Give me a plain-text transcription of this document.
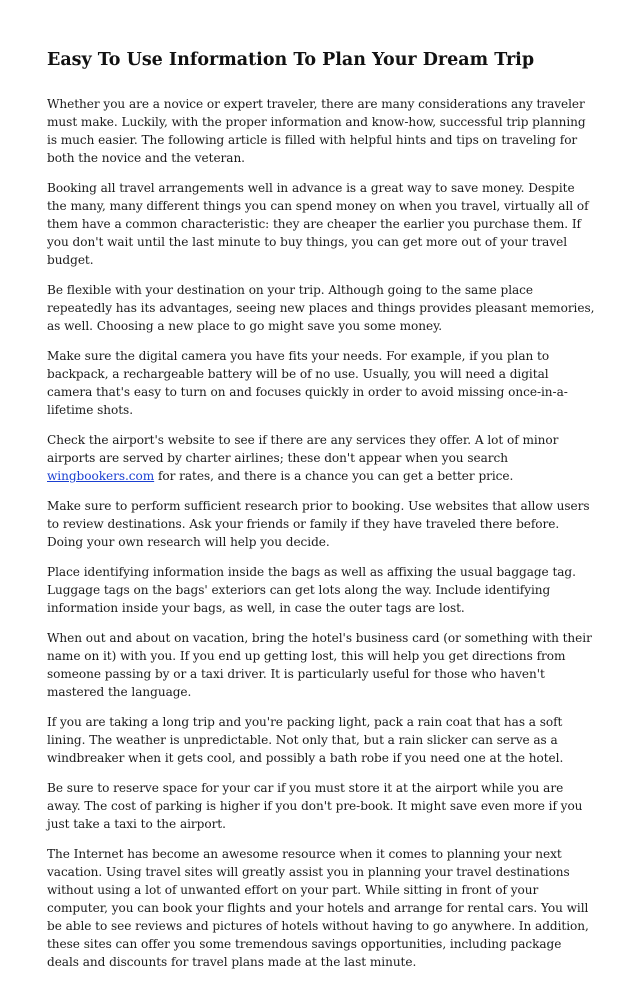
Easy To Use Information To Plan Your Dream Trip

Whether you are a novice or expert traveler, there are many considerations any traveler must make. Luckily, with the proper information and know-how, successful trip planning is much easier. The following article is filled with helpful hints and tips on traveling for both the novice and the veteran.

Booking all travel arrangements well in advance is a great way to save money. Despite the many, many different things you can spend money on when you travel, virtually all of them have a common characteristic: they are cheaper the earlier you purchase them. If you don't wait until the last minute to buy things, you can get more out of your travel budget.

Be flexible with your destination on your trip. Although going to the same place repeatedly has its advantages, seeing new places and things provides pleasant memories, as well. Choosing a new place to go might save you some money.

Make sure the digital camera you have fits your needs. For example, if you plan to backpack, a rechargeable battery will be of no use. Usually, you will need a digital camera that's easy to turn on and focuses quickly in order to avoid missing once-in-a-lifetime shots.

Check the airport's website to see if there are any services they offer. A lot of minor airports are served by charter airlines; these don't appear when you search wingbookers.com for rates, and there is a chance you can get a better price.

Make sure to perform sufficient research prior to booking. Use websites that allow users to review destinations. Ask your friends or family if they have traveled there before. Doing your own research will help you decide.

Place identifying information inside the bags as well as affixing the usual baggage tag. Luggage tags on the bags' exteriors can get lots along the way. Include identifying information inside your bags, as well, in case the outer tags are lost.

When out and about on vacation, bring the hotel's business card (or something with their name on it) with you. If you end up getting lost, this will help you get directions from someone passing by or a taxi driver. It is particularly useful for those who haven't mastered the language.

If you are taking a long trip and you're packing light, pack a rain coat that has a soft lining. The weather is unpredictable. Not only that, but a rain slicker can serve as a windbreaker when it gets cool, and possibly a bath robe if you need one at the hotel.

Be sure to reserve space for your car if you must store it at the airport while you are away. The cost of parking is higher if you don't pre-book. It might save even more if you just take a taxi to the airport.

The Internet has become an awesome resource when it comes to planning your next vacation. Using travel sites will greatly assist you in planning your travel destinations without using a lot of unwanted effort on your part. While sitting in front of your computer, you can book your flights and your hotels and arrange for rental cars. You will be able to see reviews and pictures of hotels without having to go anywhere. In addition, these sites can offer you some tremendous savings opportunities, including package deals and discounts for travel plans made at the last minute.
